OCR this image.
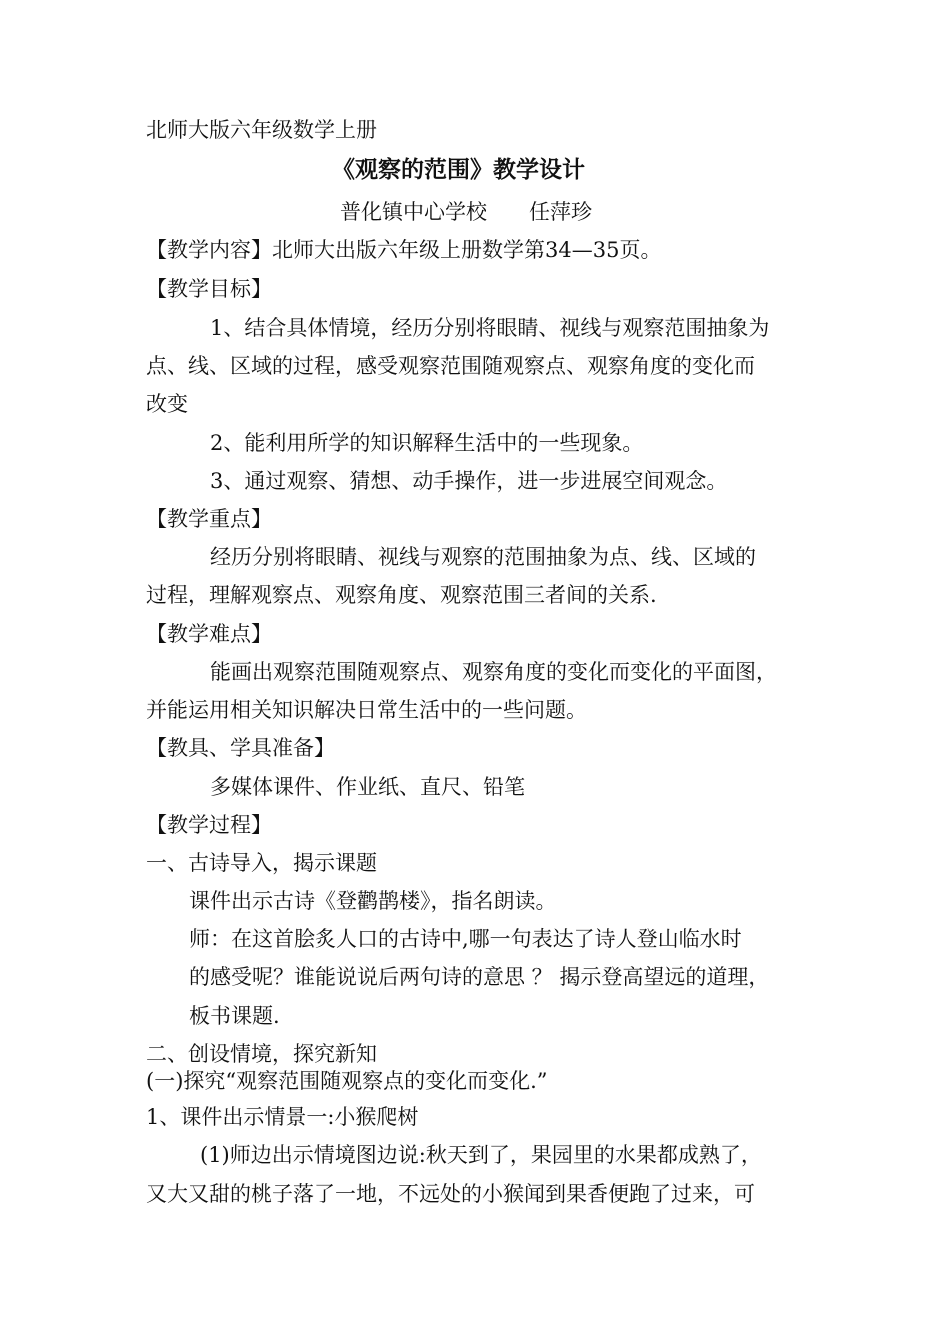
北师大版六年级数学上册
《观察的范围》教学设计
普化镇中心学校　　任萍珍
【教学内容】北师大出版六年级上册数学第34—35页。
【教学目标】
1、结合具体情境，经历分别将眼睛、视线与观察范围抽象为
点、线、区域的过程，感受观察范围随观察点、观察角度的变化而
改变
2、能利用所学的知识解释生活中的一些现象。
3、通过观察、猜想、动手操作，进一步进展空间观念。
【教学重点】
经历分别将眼睛、视线与观察的范围抽象为点、线、区域的
过程，理解观察点、观察角度、观察范围三者间的关系.
【教学难点】
能画出观察范围随观察点、观察角度的变化而变化的平面图，
并能运用相关知识解决日常生活中的一些问题。
【教具、学具准备】
多媒体课件、作业纸、直尺、铅笔
【教学过程】
一、古诗导入，揭示课题
课件出示古诗《登鹳鹊楼》，指名朗读。
师：在这首脍炙人口的古诗中,哪一句表达了诗人登山临水时
的感受呢？谁能说说后两句诗的意思 ？ 揭示登高望远的道理，
板书课题.
二、创设情境，探究新知
(一)探究“观察范围随观察点的变化而变化.”
1、课件出示情景一:小猴爬树
(1)师边出示情境图边说:秋天到了，果园里的水果都成熟了，
又大又甜的桃子落了一地，不远处的小猴闻到果香便跑了过来，可
